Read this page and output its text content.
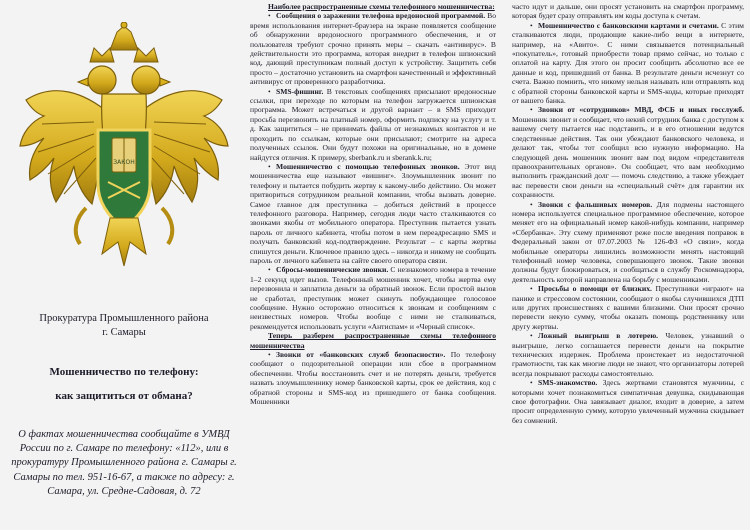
ЗАКОН
Прокуратура Промышленного района
г. Самары
Мошенничество по телефону:
как защититься от обмана?
О фактах мошенничества сообщайте в УМВД России по г. Самаре по телефону: «112», или в прокуратуру Промышленного района г. Самары г. Самары по тел. 951-16-67, а также по адресу: г. Самара, ул. Средне-Садовая, д. 72

Наиболее распространенные схемы телефонного мошенничества:

• Сообщения о заражении телефона вредоносной программой. Во время использования интернет-браузера на экране появляется сообщение об обнаружении вредоносного программного обеспечения, и от пользователя требуют срочно принять меры – скачать «антивирус». В действительности это программа, которая внедрит в телефон шпионский код, дающий преступникам полный доступ к устройству. Защитить себя просто – достаточно установить на смартфон качественный и эффективный антивирус от проверенного разработчика.

• SMS-фишинг. В текстовых сообщениях присылают вредоносные ссылки, при переходе по которым на телефон загружается шпионская программа. Может встречаться и другой вариант – в SMS приходит просьба перезвонить на платный номер, оформить подписку на услугу и т. д. Как защититься – не принимать файлы от незнакомых контактов и не проходить по ссылкам, которые они присылают; смотрите на адреса полученных ссылок. Они будут похожи на оригинальные, но в домене найдутся отличия. К примеру, sberbank.ru и sberank.k.ru;

• Мошенничество с помощью телефонных звонков. Этот вид мошенничества еще называют «вишинг». Злоумышленник звонит по телефону и пытается побудить жертву к какому-либо действию. Он может притвориться сотрудником реальной компании, чтобы вызвать доверие. Самое главное для преступника – добиться действий в процессе телефонного разговора. Например, сегодня люди часто сталкиваются со звонками якобы от мобильного оператора. Преступник пытается узнать пароль от личного кабинета, чтобы потом в нем переадресацию SMS и получать банковский код-подтверждение. Результат – с карты жертвы спишутся деньги. Ключевое правило здесь – никогда и никому не сообщать пароль от личного кабинета на сайте своего оператора связи.

• Сбросы-мошеннические звонки. С незнакомого номера в течение 1–2 секунд идет вызов. Телефонный мошенник хочет, чтобы жертва ему перезвонила и заплатила деньги за обратный звонок. Если простой вызов не сработал, преступник может скинуть побуждающее голосовое сообщение. Нужно осторожно относиться к звонкам и сообщениям с неизвестных номеров. Чтобы вообще с ними не сталкиваться, рекомендуется использовать услуги «Антиспам» и «Черный список».

Теперь разберем распространенные схемы телефонного мошенничества

• Звонки от «банковских служб безопасности». По телефону сообщают о подозрительной операции или сбое в программном обеспечении. Чтобы восстановить счет и не потерять деньги, требуется назвать злоумышленнику номер банковской карты, срок ее действия, код с обратной стороны и SMS-код из пришедшего от банка сообщения. Мошенники

часто идут и дальше, они просят установить на смартфон программу, которая будет сразу отправлять им коды доступа к счетам.

• Мошенничество с банковскими картами и счетами. С этим сталкиваются люди, продающие какие-либо вещи в интернете, например, на «Авито». С ними связывается потенциальный «покупатель», готовый приобрести товар прямо сейчас, но только с оплатой на карту. Для этого он просит сообщить абсолютно все ее данные и код, пришедший от банка. В результате деньги исчезнут со счета. Важно помнить, что никому нельзя называть или отправлять код с обратной стороны банковской карты и SMS-коды, которые приходят от вашего банка.

• Звонки от «сотрудников» МВД, ФСБ и иных госслужб. Мошенник звонит и сообщает, что некий сотрудник банка с доступом к вашему счету пытается нас подставить, и в его отношении ведутся следственные действия. Так они убеждают банковского человека, и делают так, чтобы тот сообщил всю нужную информацию. На следующей день мошенник звонит вам под видом «представителя правоохранительных органов». Он сообщает, что вам необходимо выполнить гражданский долг — помочь следствию, а также убеждает вас перевести свои деньги на «специальный счёт» для гарантии их сохранности.

• Звонки с фальшивых номеров. Для подмены настоящего номера используется специальное программное обеспечение, которое меняет его на официальный номер какой-нибудь компании, например «Сбербанка». Эту схему применяют реже после введения поправок в Федеральный закон от 07.07.2003 № 126-ФЗ «О связи», когда мобильные операторы лишились возможности менять настоящий телефонный номер человека, совершающего звонок. Такие звонки должны будут блокироваться, и сообщаться в службу Роскомнадзора, деятельность которой направлена на борьбу с мошенниками.

• Просьбы о помощи от близких. Преступники «играют» на панике и стрессовом состоянии, сообщают о якобы случившихся ДТП или других происшествиях с вашими близкими. Они просят срочно перевести некую сумму, чтобы оказать помощь родственнику или другу жертвы.

• Ложный выигрыш в лотерею. Человек, узнавший о выигрыше, легко соглашается перевести деньги на покрытие технических издержек. Проблема проистекает из недостаточной грамотности, так как многие люди не знают, что организаторы лотерей всегда покрывают расходы самостоятельно.

• SMS-знакомство. Здесь жертвами становятся мужчины, с которыми хочет познакомиться симпатичная девушка, скидывающая свое фотографии. Она завязывает диалог, входит в доверие, а затем просит определенную сумму, которую увлеченный мужчина скидывает без сомнений.
